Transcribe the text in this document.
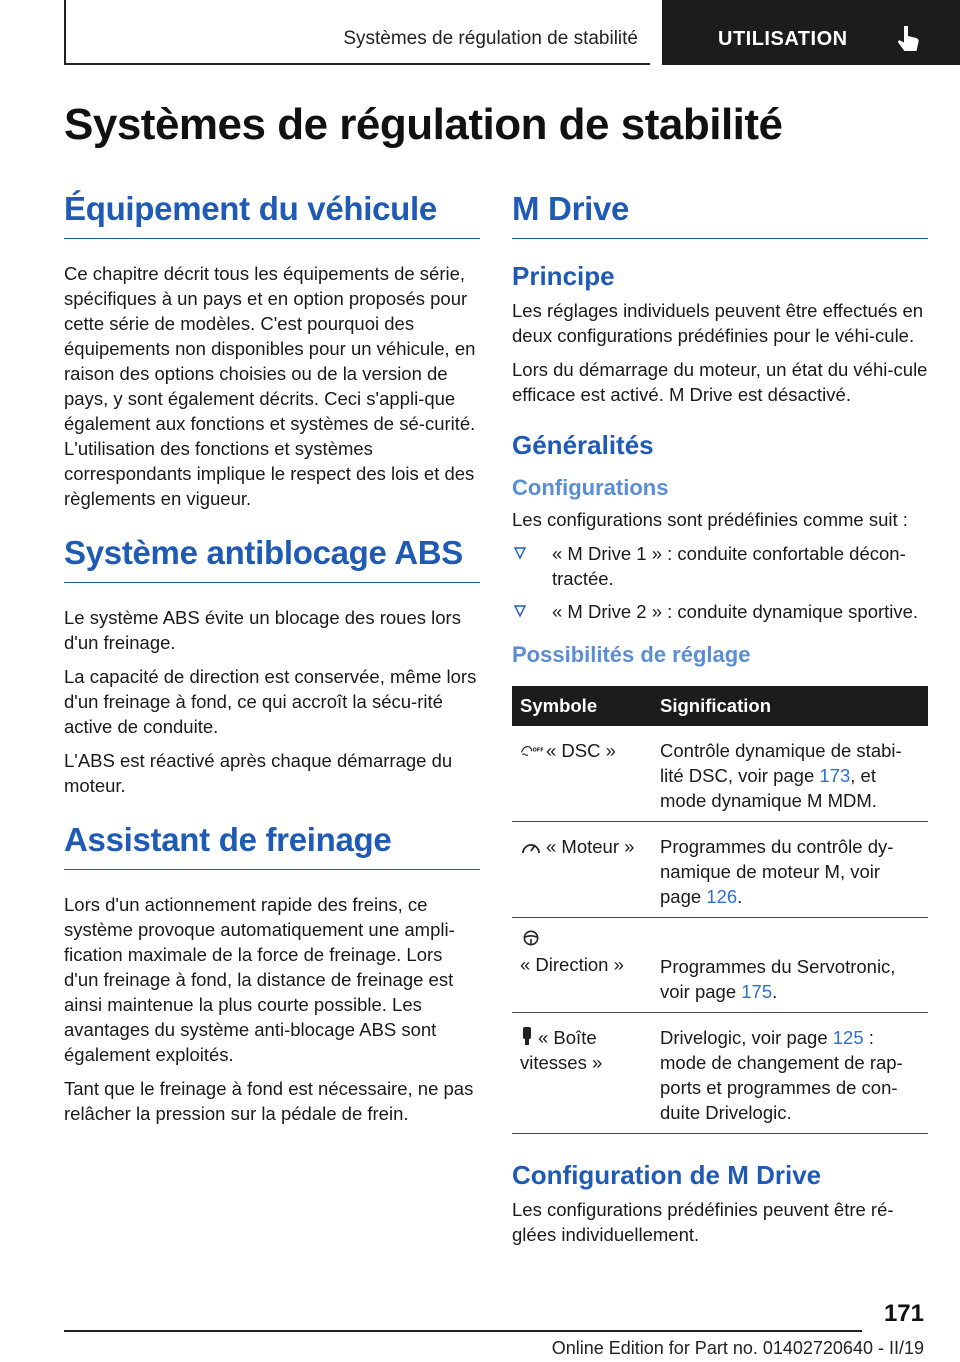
Systèmes de régulation de stabilité	UTILISATION
Systèmes de régulation de stabilité
Équipement du véhicule

Ce chapitre décrit tous les équipements de série, spécifiques à un pays et en option proposés pour cette série de modèles. C'est pourquoi des équipements non disponibles pour un véhicule, en raison des options choisies ou de la version de pays, y sont également décrits. Ceci s'appli-que également aux fonctions et systèmes de sé-curité. L'utilisation des fonctions et systèmes correspondants implique le respect des lois et des règlements en vigueur.

Système antiblocage ABS

Le système ABS évite un blocage des roues lors d'un freinage.

La capacité de direction est conservée, même lors d'un freinage à fond, ce qui accroît la sécu-rité active de conduite.

L'ABS est réactivé après chaque démarrage du moteur.

Assistant de freinage

Lors d'un actionnement rapide des freins, ce système provoque automatiquement une ampli-fication maximale de la force de freinage. Lors d'un freinage à fond, la distance de freinage est ainsi maintenue la plus courte possible. Les avantages du système anti-blocage ABS sont également exploités.

Tant que le freinage à fond est nécessaire, ne pas relâcher la pression sur la pédale de frein.

M Drive
Principe

Les réglages individuels peuvent être effectués en deux configurations prédéfinies pour le véhi-cule.

Lors du démarrage du moteur, un état du véhi-cule efficace est activé. M Drive est désactivé.

Généralités
Configurations

Les configurations sont prédéfinies comme suit :

« M Drive 1 » : conduite confortable décon-tractée.
« M Drive 2 » : conduite dynamique sportive.
Possibilités de réglage
Symbole	Signification

OFF « DSC »	Contrôle dynamique de stabi-lité DSC, voir page 173, et mode dynamique M MDM.
« Moteur »	Programmes du contrôle dy-namique de moteur M, voir page 126.

« Direction »	Programmes du Servotronic, voir page 175.
« Boîte vitesses »	Drivelogic, voir page 125 : mode de changement de rap-ports et programmes de con-duite Drivelogic.
Configuration de M Drive

Les configurations prédéfinies peuvent être ré-glées individuellement.

171
Online Edition for Part no. 01402720640 - II/19
